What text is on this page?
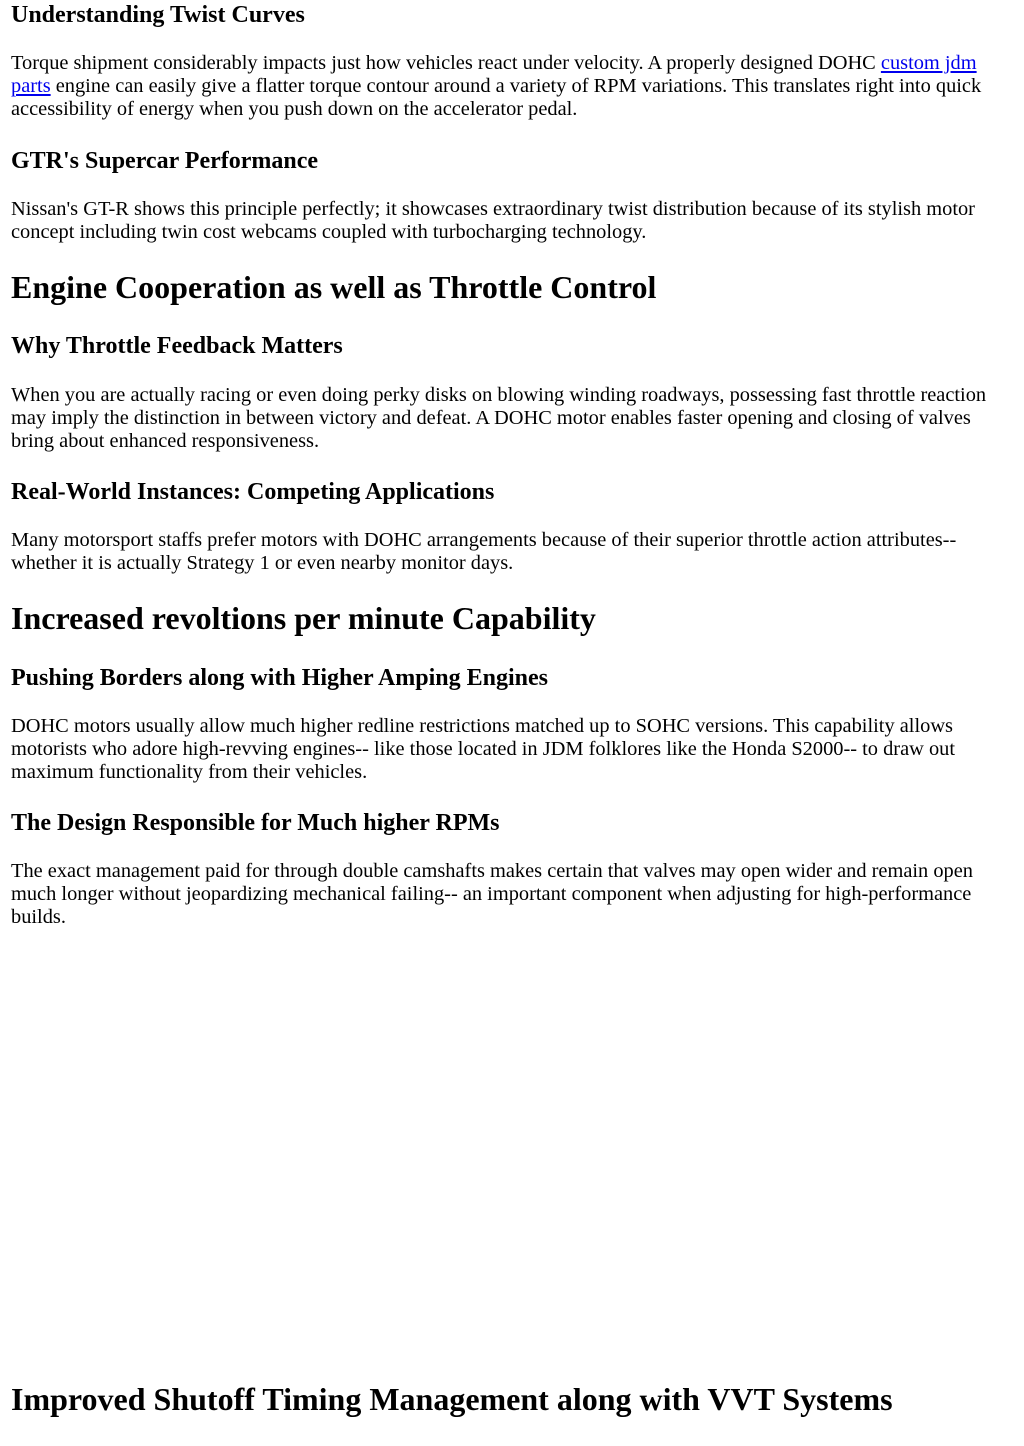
Understanding Twist Curves

Torque shipment considerably impacts just how vehicles react under velocity. A properly designed DOHC custom jdm parts engine can easily give a flatter torque contour around a variety of RPM variations. This translates right into quick accessibility of energy when you push down on the accelerator pedal.

GTR's Supercar Performance

Nissan's GT-R shows this principle perfectly; it showcases extraordinary twist distribution because of its stylish motor concept including twin cost webcams coupled with turbocharging technology.

Engine Cooperation as well as Throttle Control
Why Throttle Feedback Matters

When you are actually racing or even doing perky disks on blowing winding roadways, possessing fast throttle reaction may imply the distinction in between victory and defeat. A DOHC motor enables faster opening and closing of valves bring about enhanced responsiveness.

Real-World Instances: Competing Applications

Many motorsport staffs prefer motors with DOHC arrangements because of their superior throttle action attributes-- whether it is actually Strategy 1 or even nearby monitor days.

Increased revoltions per minute Capability
Pushing Borders along with Higher Amping Engines

DOHC motors usually allow much higher redline restrictions matched up to SOHC versions. This capability allows motorists who adore high-revving engines-- like those located in JDM folklores like the Honda S2000-- to draw out maximum functionality from their vehicles.

The Design Responsible for Much higher RPMs

The exact management paid for through double camshafts makes certain that valves may open wider and remain open much longer without jeopardizing mechanical failing-- an important component when adjusting for high-performance builds.

Improved Shutoff Timing Management along with VVT Systems
